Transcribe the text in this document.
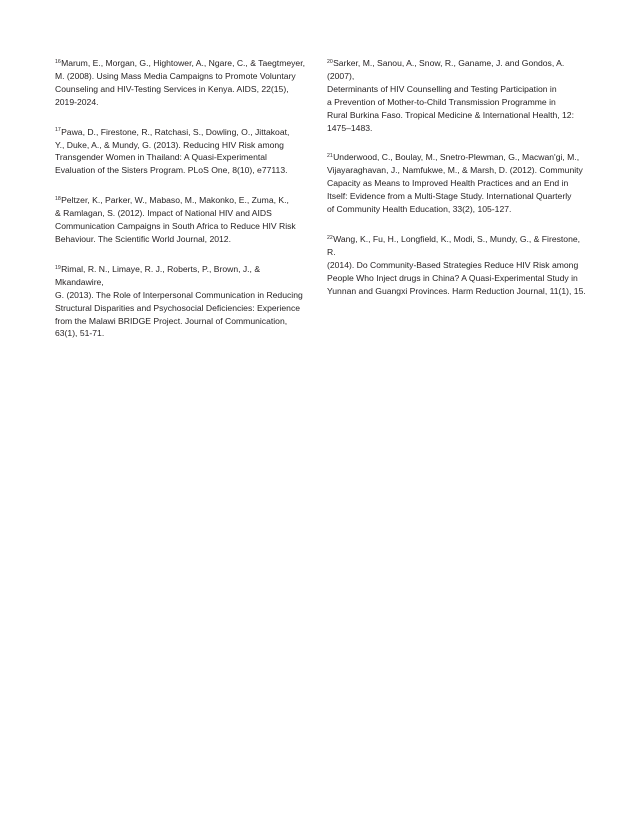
$^{16}$Marum, E., Morgan, G., Hightower, A., Ngare, C., & Taegtmeyer,
M. (2008). Using Mass Media Campaigns to Promote Voluntary
Counseling and HIV-Testing Services in Kenya. AIDS, 22(15),
2019-2024.

$^{17}$Pawa, D., Firestone, R., Ratchasi, S., Dowling, O., Jittakoat,
Y., Duke, A., & Mundy, G. (2013). Reducing HIV Risk among
Transgender Women in Thailand: A Quasi-Experimental
Evaluation of the Sisters Program. PLoS One, 8(10), e77113.

$^{18}$Peltzer, K., Parker, W., Mabaso, M., Makonko, E., Zuma, K.,
& Ramlagan, S. (2012). Impact of National HIV and AIDS
Communication Campaigns in South Africa to Reduce HIV Risk
Behaviour. The Scientific World Journal, 2012.

$^{19}$Rimal, R. N., Limaye, R. J., Roberts, P., Brown, J., & Mkandawire,
G. (2013). The Role of Interpersonal Communication in Reducing
Structural Disparities and Psychosocial Deficiencies: Experience
from the Malawi BRIDGE Project. Journal of Communication,
63(1), 51-71.

$^{20}$Sarker, M., Sanou, A., Snow, R., Ganame, J. and Gondos, A. (2007),
Determinants of HIV Counselling and Testing Participation in
a Prevention of Mother-to-Child Transmission Programme in
Rural Burkina Faso. Tropical Medicine & International Health, 12:
1475–1483.

$^{21}$Underwood, C., Boulay, M., Snetro-Plewman, G., Macwan'gi, M.,
Vijayaraghavan, J., Namfukwe, M., & Marsh, D. (2012). Community
Capacity as Means to Improved Health Practices and an End in
Itself: Evidence from a Multi-Stage Study. International Quarterly
of Community Health Education, 33(2), 105-127.

$^{22}$Wang, K., Fu, H., Longfield, K., Modi, S., Mundy, G., & Firestone, R.
(2014). Do Community-Based Strategies Reduce HIV Risk among
People Who Inject drugs in China? A Quasi-Experimental Study in
Yunnan and Guangxi Provinces. Harm Reduction Journal, 11(1), 15.
